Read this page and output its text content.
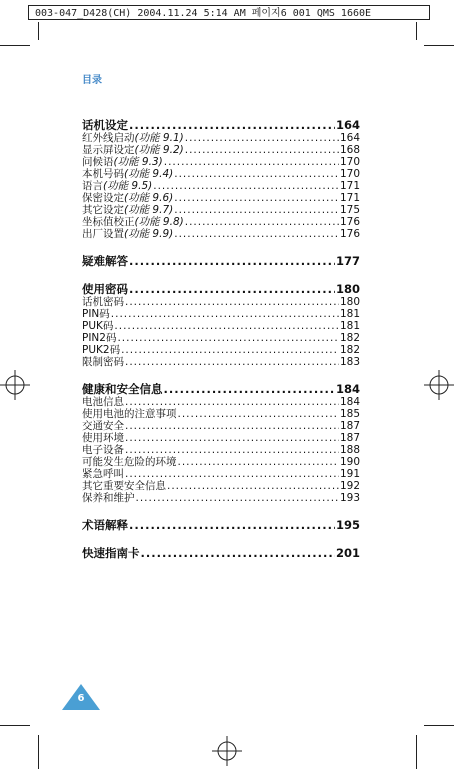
003-047_D428(CH) 2004.11.24 5:14 AM 페이지6 001 QMS 1660E
目录
话机设定 .....	164
红外线启动(功能 9.1) .....	164
显示屏设定(功能 9.2) .....	168
问候语(功能 9.3) .....	170
本机号码(功能 9.4) .....	170
语言(功能 9.5) .....	171
保密设定(功能 9.6) .....	171
其它设定(功能 9.7) .....	175
坐标值校正(功能 9.8) .....	176
出厂设置(功能 9.9) .....	176
疑难解答 .....	177
使用密码 .....	180
话机密码 .....	180
PIN码 .....	181
PUK码 .....	181
PIN2码 .....	182
PUK2码 .....	182
限制密码 .....	183
健康和安全信息 .....	184
电池信息 .....	184
使用电池的注意事项 .....	185
交通安全 .....	187
使用环境 .....	187
电子设备 .....	188
可能发生危险的环境 .....	190
紧急呼叫 .....	191
其它重要安全信息 .....	192
保养和维护 .....	193
术语解释 .....	195
快速指南卡 .....	201
6
